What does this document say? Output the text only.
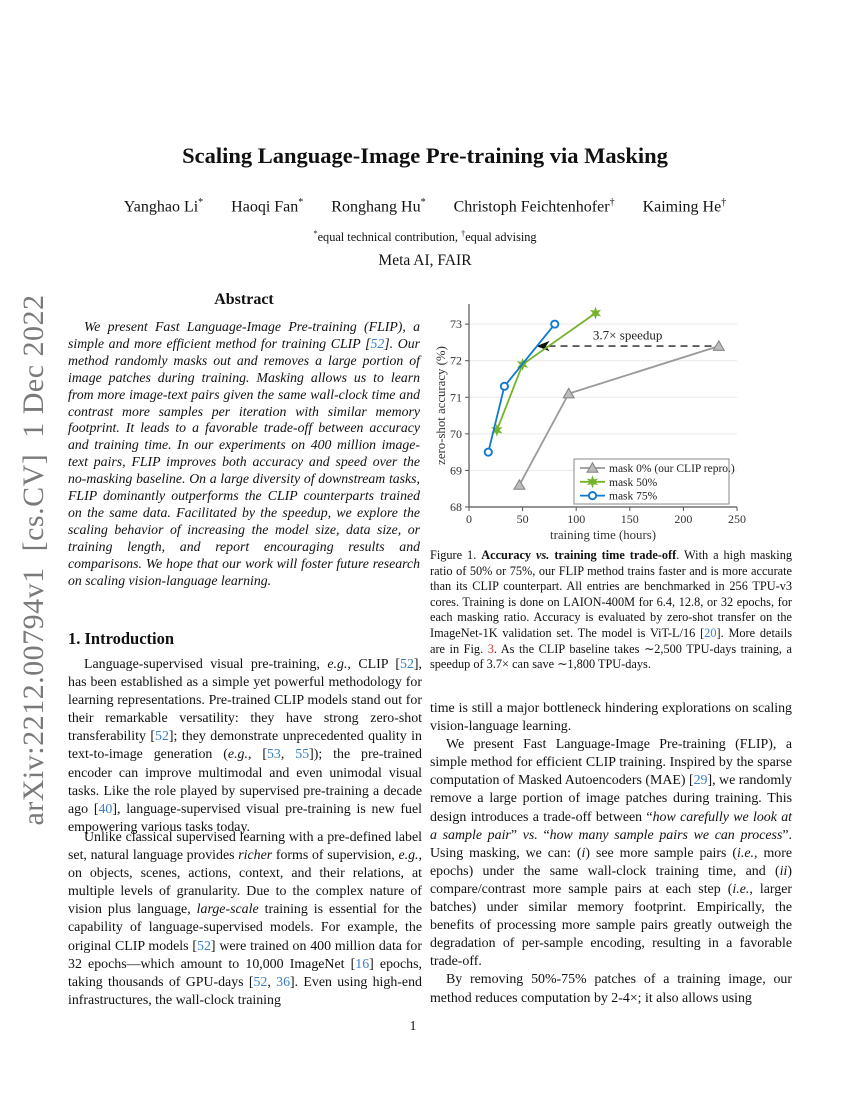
arXiv:2212.00794v1  [cs.CV]  1 Dec 2022
Scaling Language-Image Pre-training via Masking
Yanghao Li* Haoqi Fan* Ronghang Hu* Christoph Feichtenhofer† Kaiming He†
*equal technical contribution, †equal advising
Meta AI, FAIR
Abstract

We present Fast Language-Image Pre-training (FLIP), a simple and more efficient method for training CLIP [52]. Our method randomly masks out and removes a large portion of image patches during training. Masking allows us to learn from more image-text pairs given the same wall-clock time and contrast more samples per iteration with similar memory footprint. It leads to a favorable trade-off between accuracy and training time. In our experiments on 400 million image-text pairs, FLIP improves both accuracy and speed over the no-masking baseline. On a large diversity of downstream tasks, FLIP dominantly outperforms the CLIP counterparts trained on the same data. Facilitated by the speedup, we explore the scaling behavior of increasing the model size, data size, or training length, and report encouraging results and comparisons. We hope that our work will foster future research on scaling vision-language learning.

1. Introduction

Language-supervised visual pre-training, e.g., CLIP [52], has been established as a simple yet powerful methodology for learning representations. Pre-trained CLIP models stand out for their remarkable versatility: they have strong zero-shot transferability [52]; they demonstrate unprecedented quality in text-to-image generation (e.g., [53, 55]); the pre-trained encoder can improve multimodal and even unimodal visual tasks. Like the role played by supervised pre-training a decade ago [40], language-supervised visual pre-training is new fuel empowering various tasks today.

Unlike classical supervised learning with a pre-defined label set, natural language provides richer forms of supervision, e.g., on objects, scenes, actions, context, and their relations, at multiple levels of granularity. Due to the complex nature of vision plus language, large-scale training is essential for the capability of language-supervised models. For example, the original CLIP models [52] were trained on 400 million data for 32 epochs—which amount to 10,000 ImageNet [16] epochs, taking thousands of GPU-days [52, 36]. Even using high-end infrastructures, the wall-clock training

3.7× speedup
68
69
70
71
72
73
0	50	100	150	200	250
training time (hours)
zero-shot accuracy (%)
mask 0% (our CLIP repro.)
mask 50%
mask 75%

Figure 1. Accuracy vs. training time trade-off. With a high masking ratio of 50% or 75%, our FLIP method trains faster and is more accurate than its CLIP counterpart. All entries are benchmarked in 256 TPU-v3 cores. Training is done on LAION-400M for 6.4, 12.8, or 32 epochs, for each masking ratio. Accuracy is evaluated by zero-shot transfer on the ImageNet-1K validation set. The model is ViT-L/16 [20]. More details are in Fig. 3. As the CLIP baseline takes ∼2,500 TPU-days training, a speedup of 3.7× can save ∼1,800 TPU-days.

time is still a major bottleneck hindering explorations on scaling vision-language learning.

We present Fast Language-Image Pre-training (FLIP), a simple method for efficient CLIP training. Inspired by the sparse computation of Masked Autoencoders (MAE) [29], we randomly remove a large portion of image patches during training. This design introduces a trade-off between “how carefully we look at a sample pair” vs. “how many sample pairs we can process”. Using masking, we can: (i) see more sample pairs (i.e., more epochs) under the same wall-clock training time, and (ii) compare/contrast more sample pairs at each step (i.e., larger batches) under similar memory footprint. Empirically, the benefits of processing more sample pairs greatly outweigh the degradation of per-sample encoding, resulting in a favorable trade-off.

By removing 50%-75% patches of a training image, our method reduces computation by 2-4×; it also allows using

1
